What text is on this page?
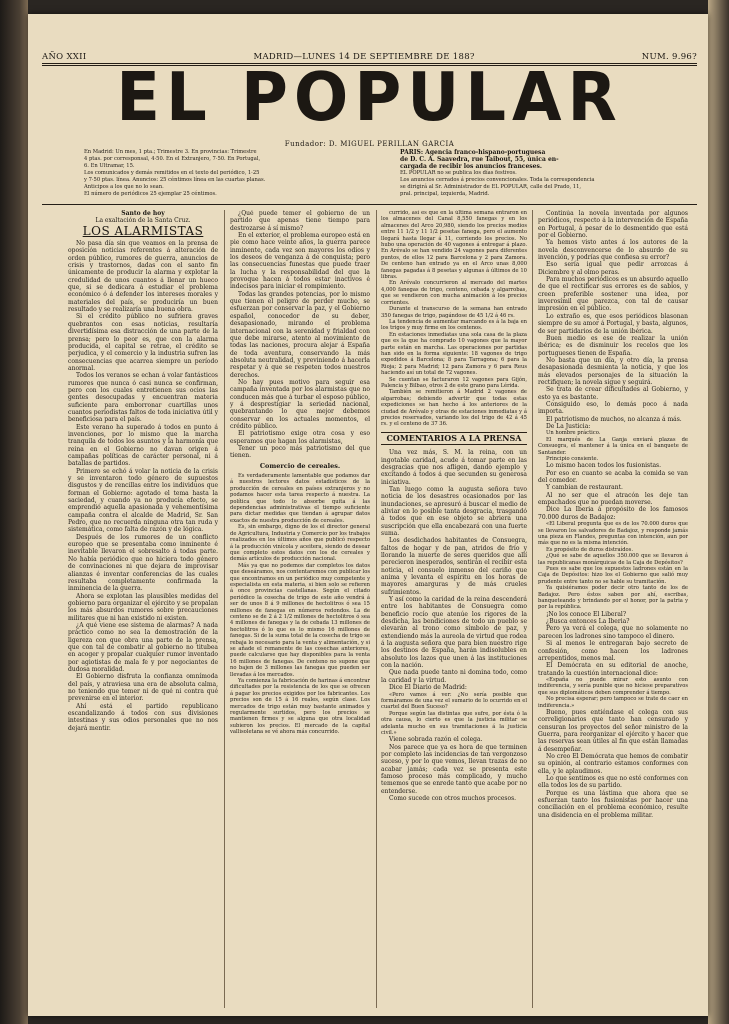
AÑO XXII	MADRID—LUNES 14 DE SEPTIEMBRE DE 188?	NUM. 9.96?
EL POPULAR
Fundador: D. MIGUEL PERILLAN GARCIA

En Madrid: Un mes, 1 pta.; Trimestre 3. En provincias: Trimestre

4 ptas. por corresponsal, 4·50. En el Extranjero, 7·50. En Portugal,

6. En Ultramar, 15.

Los comunicados y demás remitidos en el texto del periódico, 1·25

y 7·50 ptas. línea. Anuncios: 25 céntimos línea en las cuartas planas.

Anticipos a los que no lo sean.

El número de periódicos 25 ejemplar 25 céntimos.

PARIS: Agencia franco-hispano-portuguesa

de D. C. A. Saavedra, rue Taibout, 55, única en-

cargada de recibir los anuncios franceses.

EL POPULAR no se publica los días festivos.

Los anuncios cerrados á precios convencionales. Toda la correspondencia

se dirigirá al Sr. Administrador de EL POPULAR, calle del Prado, 11,

pral. principal, izquierda, Madrid.

Santo de hoy

La exaltación de la Santa Cruz.

LOS ALARMISTAS

No pasa día sin que veamos en la prensa de oposición noticias referentes á alteración de orden público, rumores de guerra, anuncios de crisis y trastornos, dadas con el santo fin únicamente de producir la alarma y explotar la credulidad de unos cuantos á llenar un hueco que, si se dedicara á estudiar el problema económico ó á defender los intereses morales y materiales del país, se produciría un buen resultado y se realizaría una buena obra.

Si el crédito público no sufriera graves quebrantos con esas noticias, resultaría divertidísima esa distracción de una parte de la prensa; pero lo peor es, que con la alarma producida, el capital se retrae, el crédito se perjudica, y el comercio y la industria sufren las consecuencias que acarrea siempre un período anormal.

Todos los veranos se echan á volar fantásticos rumores que nunca ó casi nunca se confirman, pero con los cuales entretienen sus ocios las gentes desocupadas y encuentran materia suficiente para emborronar cuartillas unos cuantos periodistas faltos de toda iniciativa útil y beneficiosa para el país.

Este verano ha superado á todos en punto á invenciones, por lo mismo que la marcha tranquila de todos los asuntos y la harmonía que reina en el Gobierno no davan origen á campañas políticas de carácter personal, ni á batallas de partidos.

Primero se echó á volar la noticia de la crisis y se inventaron todo género de supuestos disgustos y de rencillas entre los individuos que forman el Gobierno: agotado el tema hasta la saciedad, y cuando ya no producía efecto, se emprendió aquella apasionada y vehementísima campaña contra el alcalde de Madrid, Sr. San Pedro, que no recuerda ninguna otra tan ruda y sistemática, como falta de razón y de lógica.

Después de los rumores de un conflicto europeo que se presentaba como inminente é inevitable llevaron el sobresalto á todas parte. No había periódico que no hiciera todo género de convinaciones ni que dejara de improvisar alianzas é inventar conferencias de las cuales resultaba completamente confirmada la inminencia de la guerra.

Ahora se explotan las plausibles medidas del gobierno para organizar el ejército y se propalan los más absurdos rumores sobre precauciones militares que ni han existido ni existen.

¿A qué viene ese sistema de alarmas? A nada práctico como no sea la demostración de la ligereza con que obra una parte de la prensa, que con tal de combatir al gobierno no titubea en acoger y propalar cualquier rumor inventado por agiotistas de mala fe y por negociantes de dudosa moralidad.

El Gobierno disfruta la confianza omnímoda del país, y atraviesa una era de absoluta calma, no teniendo que temer ni de qué ni contra qué prevenirse en el interior.

Ahí está el partido republicano escandalizando á todos con sus divisiones intestinas y sus odios personales que no nos dejará mentir.

¿Qué puede temer el gobierno de un partido que apenas tiene tiempo para destrozarse á sí mismo?

En el exterior, el problema europeo está en pie como hace veinte años, la guerra parece inminente, cada vez son mayores los odios y los deseos de venganza á de conquista; pero las consecuencias funestas que puede traer la lucha y la responsabilidad del que la provoque hacen á todos estar inactivos é indecisos para iniciar el rompimiento.

Todas las grandes potencias, por lo mismo que tienen el peligro de perder mucho, se esfuerzan por conservar la paz, y el Gobierno español, conocedor de su deber, desapasionado, mirando el problema internacional con la serenidad y frialdad con que debe mirarse, atento al movimiento de todas las naciones, procura alejar á España de toda aventura, conservando la más absoluta neutralidad, y previniendo á hacerla respetar y á que se respeten todos nuestros derechos.

No hay pues motivo para seguir esa campaña inventada por los alarmistas que no conducen más que á turbar el esposo público, y á desprestigiar la seriedad nacional, quebrantando lo que mejor debemos conservar en los actuales momentos, el crédito público.

El patriotismo exige otra cosa y eso esperamos que hagan los alarmistas,

Tener un poco más patriotismo del que tienen.

Comercio de cereales.

Es verdaderamente lamentable que podamos dar á nuestros lectores datos estadísticos de la producción de cereales en países extranjeros y no podamos hacer esta tarea respecto á nuestra. La política que todo lo absorbe quita á las dependencias administrativas el tiempo suficiente para dictar medidas que tiendan á agrupar datos exactos de nuestra producción de cereales.

Es, sin embargo, digno de los el director general de Agricultura, Industria y Comercio por los trabajos realizados en los últimos años que publicó respecto á la producción vinícola y aceitera, siendo de desear que completo estos datos con los de cereales y demás artículos de producción nacional.

Más ya que no podemos dar completos los datos que deseáramos, nos contentaremos con publicar los que encontramos en un periódico muy competente y especialista en esta materia, si bien solo se refieren á once provincias castellanas. Según el citado periódico la cosecha de trigo de este año vendrá á ser de unos 8 á 9 millones de hectolitros ó sea 15 millones de fanegas en números redondos. La de centeno se de 2 á 2 1/2 millones de hectolitros ó sea 4 millones de fanegas y la de cebada 13 millones de hectolitros ó lo que es lo mismo 16 millones de fanegas. Si de la suma total de la cosecha de trigo se rebaja lo necesario para la venta y alimentación, y si se añade el remanente de las cosechas anteriores, puede calcularse que hay disponibles para la venta 16 millones de fanegas. De centeno no supone que no bajen de 3 millones las fanegas que pueden ser llevadas á los mercados.

Ya comienza la fabricación de harinas á encontrar dificultades por la resistencia de los que se ofrecen á pagar los precios exigidos por los fabricantes. Los precios son de 15 á 16 reales, según clase. Los mercados de trigo están muy bastante animados y regularmente surtidos, pero los precios se mantienen firmes y se alguna que otra localidad subieron los precios. El mercado de la capital vallisoletana se vé ahora más concurrido.

currido, así es que en la última semana entraron en los almacenes del Canal 8,550 fanegas y en los almacenes del Arco 20,980, siendo los precios medios entre 11 1/2 y 11 1/2 pesetas fanega, pero el aumento llegará hasta llegar á 11, corriendo los precios. No hubo una operación de 40 vagones á entregar á plazo. En Arévalo se han vendido 24 vagones para diferentes puntos, de ellos 12 para Barcelona y 2 para Zamora. De centeno han entrado ya en el Arco unas 8,000 fanegas pagadas á 8 pesetas y algunas á últimos de 10 libras.

En Arévalo concurrieron al mercado del martes 4,000 fanegas de trigo, centeno, cebada y algarrobas, que se vendieron con mucha animación á los precios corrientes.

Durante el transcurso de la semana han entrado 350 fanegas de trigo, pagándose de 45 1/2 á 46 rs.

La tendencia de aumentar marcando es á la baja en los trigos y muy firme en los centenos.

En estaciones inmediatas una sola casa de la plaza que es la que ha comprado 10 vagones que la mayor parte están en marcha. Las operaciones por partidas han sido en la forma siguiente: 18 vagones de trigo expedidos á Barcelona; 8 para Tarragona; 6 para la Rioja; 2 para Madrid; 12 para Zamora y 6 para Reus haciendo así un total de 72 vagones.

Se cuentan se facturaron 12 vagones para Gijón, Palencia y Bilbao, otros 2 de este grano para Lérida.

También se remitieron á Madrid 2 vagones de algarrobas; debiendo advertir que todas estas expediciones se han hecho á los anteriores de la ciudad de Arévalo y otras de estaciones inmediatas y á precios reservados, variando los del trigo de 42 á 45 rs. y el centeno de 37 36.

COMENTARIOS A LA PRENSA

Una vez más, S. M. la reina, con un ingotable caridad, acude á tomar parte en las desgracias que nos afligen, dando ejemplo y excitando á todos á que secunden su generosa iniciativa.

Tan luego como la augusta señora tuvo noticia de los desastres ocasionados por las inundaciones, se apresuró á buscar el medio de aliviar en lo posible tanta desgracia, trasgandó á todos que en ese objeto se abriera una suscripción que ella encabezará con una fuerte suma.

Los desdichados habitantes de Consuegra, faltos de hogar y de pan, atridos de frío y llorando la muerte de seres queridos que allí perecieron inesperados, sentirán el recibir esta noticia, el consuelo inmenso del cariño que anima y levanta el espíritu en los horas de mayores amarguras y de más crueles sufrimientos.

Y así como la caridad de la reina descenderá entre los habitantes de Consuegra como beneficio rocío que atenúe los rigores de la desdicha, las bendiciones de todo un pueblo se elevarán al trono como símbolo de paz, y extendiendo más la aureola de virtud que rodea á la augusta señora que para bien nuestro rige los destinos de España, harán indisolubles en absoluto los lazos que unen á las instituciones con la nación.

Que nada puede tanto ni domina todo, como la caridad y la virtud.

Dice El Diario de Madrid:

«Pero vamos á ver: ¿No sería posible que formáramos de una vez el sumario de lo ocurrido en el cuartel del Buen Suceso?

Porque según las distintas que sufre, por ésta ó la otra causa, lo cierto es que la justicia militar se adelanta mucho en sus tramitaciones á la justicia civil.»

Viene sobrada razón el colega.

Nos parece que ya es hora de que terminen por completo las incidencias de tan vergonzoso suceso, y por lo que vemos, llevan trazas de no acabar jamás; cada vez se presenta este famoso proceso más complicado, y mucho tememos que se enrede tanto que acabe por no entenderse.

Como sucede con otros muchos procesos.

Continúa la novela inventada por algunos periódicos, respecto á la intervención de España en Portugal, á pesar de lo desmentido que está por el Gobierno.

Ya hemos visto antes á los autores de la novela desconvencerse de lo absurdo de su invención, y podrías que confiesa su error?

Eso sería igual que pedir arrozcas á Diciembre y al olmo peras.

Para muchos periódicos es un absurdo aquello de que el rectificar sus errores es de sabios, y creen preferible sostener una idea, por inverosímil que parezca, con tal de causar impresión en el público.

Lo extraño es, que esos periódicos blasonan siempre de su amor á Portugal, y basta, algunos, de ser partidarios de la unión ibérica.

Buen medio es ese de realizar la unión ibérica; es de disminuir los recelos que los portugueses tienen de España.

No basta que un día, y otro día, la prensa desapasionada desmienta la noticia, y que los más elevados personajes de la situación la rectifiquen; la novela sigue y seguirá.

Se trata de crear dificultades al Gobierno, y esto ya es bastante.

Consiguido eso, lo demás poco á nada importa.

El patriotismo de muchos, no alcanza á más.

De La Justicia:

Un hombre práctico.

El marqués de La Ganja enviará plazas de Consuegra, el mantener á la única en el banquete de Santander.

Principio consiente.

Lo mismo hacen todos los fusionistas.

Por eso en cuanto se acaba la comida se van del comedor.

Y cambian de restaurant.

Al no ser que el atracón les deje tan empachados que no puedan moverse.

Dice La Iberia á propósito de los famosos 70.000 duros de Badajoz:

«El Liberal pregunta que es de los 70.000 duros que se llevaron los salvadores de Badajoz, y responde jamás una pieza en Flandes, preguntas con intención, aun por más que no es la misma intención.

Es propósito de duros distraídos.

¿Qué se sabe de aquellos 350.000 que se llevaron á las republicanas monárquicas de la Caja de Depósitos?

Pues es sabe que los supuestos ladrones están en la Caja de Depósitos: hizo los el Gobierno que salió muy prudente entre tanto no se hable su tramitación.

Ya quisiéramos poder decir otro tanto de los de Badajoz. Pero éstos saben por ahí, escribas, banqueteando y brindando por el honor, por la patria y por la república.

¡No los conoce El Liberal?

¿Busca entonces La Iberia?

Pero ya verá el colega, que no solamente no parecen los ladrones sino tampoco el dinero.

Si al menos le entregaran bajo secreto de confesión, como hacen los ladrones arrepentidos, menos mal.

El Demócrata en su editorial de anoche, tratando la cuestión internacional dice:

«España no puede mirar esto asunto con indiferencia, y sería punible que no hiciese preparativos que sus diplomáticos deben comprender á tiempo.

No precisa esperar; pero tampoco se trate de caer en indiferencia.»

Bueno, pues entiéndase el colega con sus correligionarios que tanto han censurado y censuran los proyectos del señor ministro de la Guerra, para reorganizar el ejército y hacer que las reservas sean útiles al fin que están llamadas á desempeñar.

No creo El Demócrata que hemos de combatir su opinión, al contrario estamos conformes con ella, y le aplaudimos.

Lo que sentimos es que no esté conformes con ella todos los de su partido.

Porque es una lástima que ahora que se esfuerzan tanto los fusionistas por hacer una conciliación en el problema económico, resulte una disidencia en el problema militar.
